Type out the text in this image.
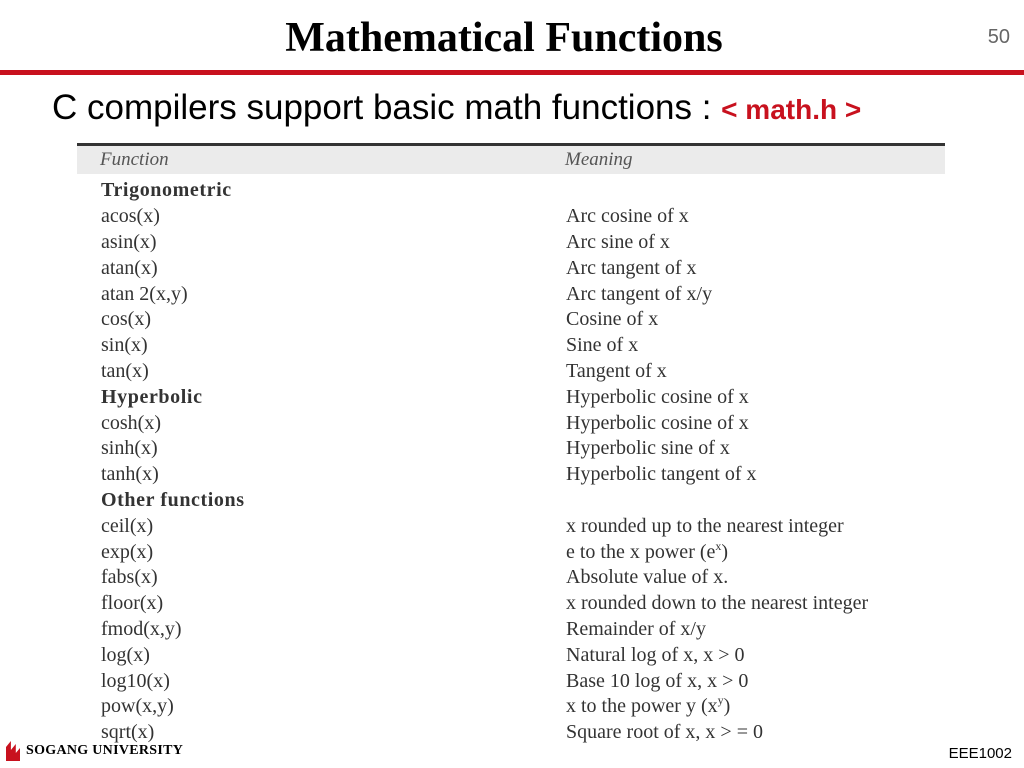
Mathematical Functions	50
C compilers support basic math functions : < math.h >
Function	Meaning
Trigonometric
acos(x)	Arc cosine of x
asin(x)	Arc sine of x
atan(x)	Arc tangent of x
atan 2(x,y)	Arc tangent of x/y
cos(x)	Cosine of x
sin(x)	Sine of x
tan(x)	Tangent of x
Hyperbolic	Hyperbolic cosine of x
cosh(x)	Hyperbolic cosine of x
sinh(x)	Hyperbolic sine of x
tanh(x)	Hyperbolic tangent of x
Other functions
ceil(x)	x rounded up to the nearest integer
exp(x)	e to the x power $(e^x)$
fabs(x)	Absolute value of x.
floor(x)	x rounded down to the nearest integer
fmod(x,y)	Remainder of x/y
log(x)	Natural log of x, x > 0
log10(x)	Base 10 log of x, x > 0
pow(x,y)	x to the power y $(x^y)$
sqrt(x)	Square root of x, x > = 0
SOGANG UNIVERSITY	EEE1002
